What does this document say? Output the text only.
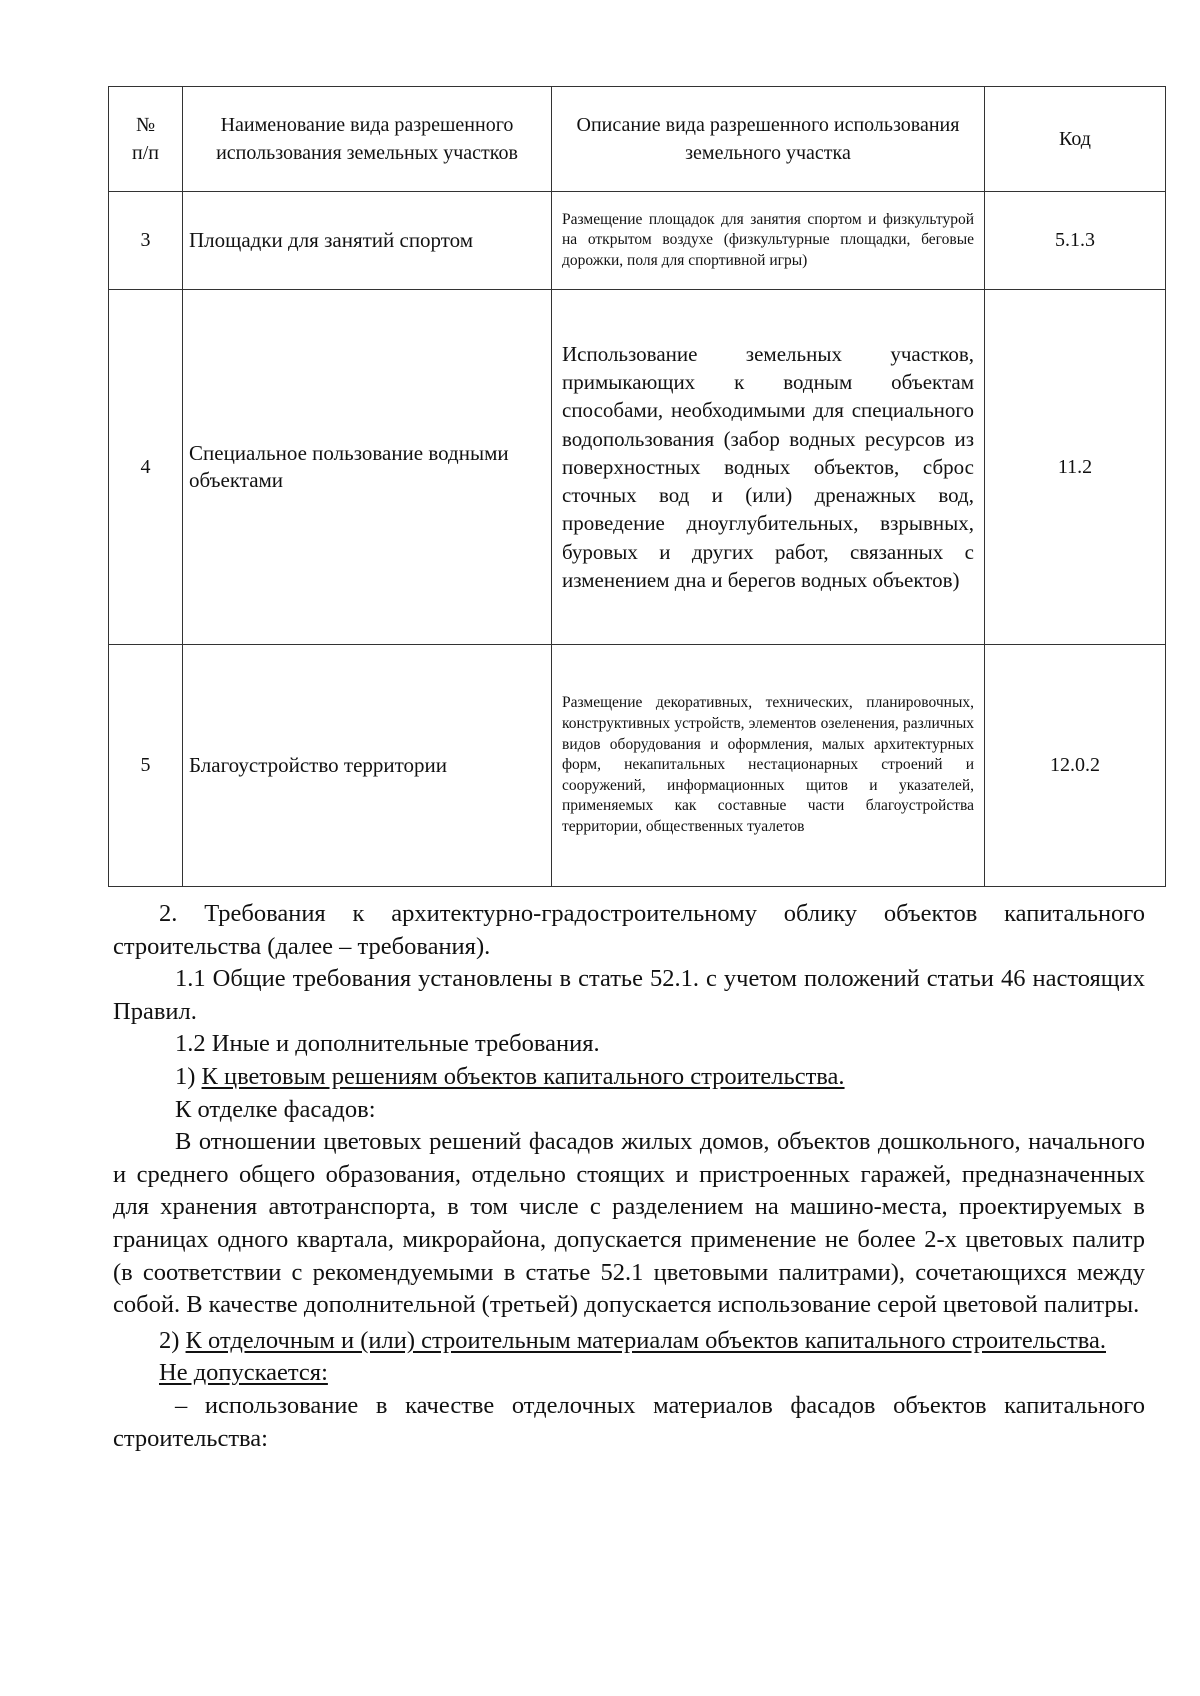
№ п/п	Наименование вида разрешенного использования земельных участков	Описание вида разрешенного использования земельного участка	Код

3	Площадки для занятий спортом	Размещение площадок для занятия спортом и физкультурой на открытом воздухе (физкультурные площадки, беговые дорожки, поля для спортивной игры)	5.1.3
4	Специальное пользование водными объектами	Использование земельных участков, примыкающих к водным объектам способами, необходимыми для специального водопользования (забор водных ресурсов из поверхностных водных объектов, сброс сточных вод и (или) дренажных вод, проведение дноуглубительных, взрывных, буровых и других работ, связанных с изменением дна и берегов водных объектов)	11.2
5	Благоустройство территории	Размещение декоративных, технических, планировочных, конструктивных устройств, элементов озеленения, различных видов оборудования и оформления, малых архитектурных форм, некапитальных нестационарных строений и сооружений, информационных щитов и указателей, применяемых как составные части благоустройства территории, общественных туалетов	12.0.2

2. Требования к архитектурно-градостроительному облику объектов капитального строительства (далее – требования).

1.1 Общие требования установлены в статье 52.1. с учетом положений статьи 46 настоящих Правил.

1.2 Иные и дополнительные требования.

1) К цветовым решениям объектов капитального строительства.

К отделке фасадов:

В отношении цветовых решений фасадов жилых домов, объектов дошкольного, начального и среднего общего образования, отдельно стоящих и пристроенных гаражей, предназначенных для хранения автотранспорта, в том числе с разделением на машино-места, проектируемых в границах одного квартала, микрорайона, допускается применение не более 2-х цветовых палитр (в соответствии с рекомендуемыми в статье 52.1 цветовыми палитрами), сочетающихся между собой. В качестве дополнительной (третьей) допускается использование серой цветовой палитры.

2) К отделочным и (или) строительным материалам объектов капитального строительства.

Не допускается:

– использование в качестве отделочных материалов фасадов объектов капитального строительства:
